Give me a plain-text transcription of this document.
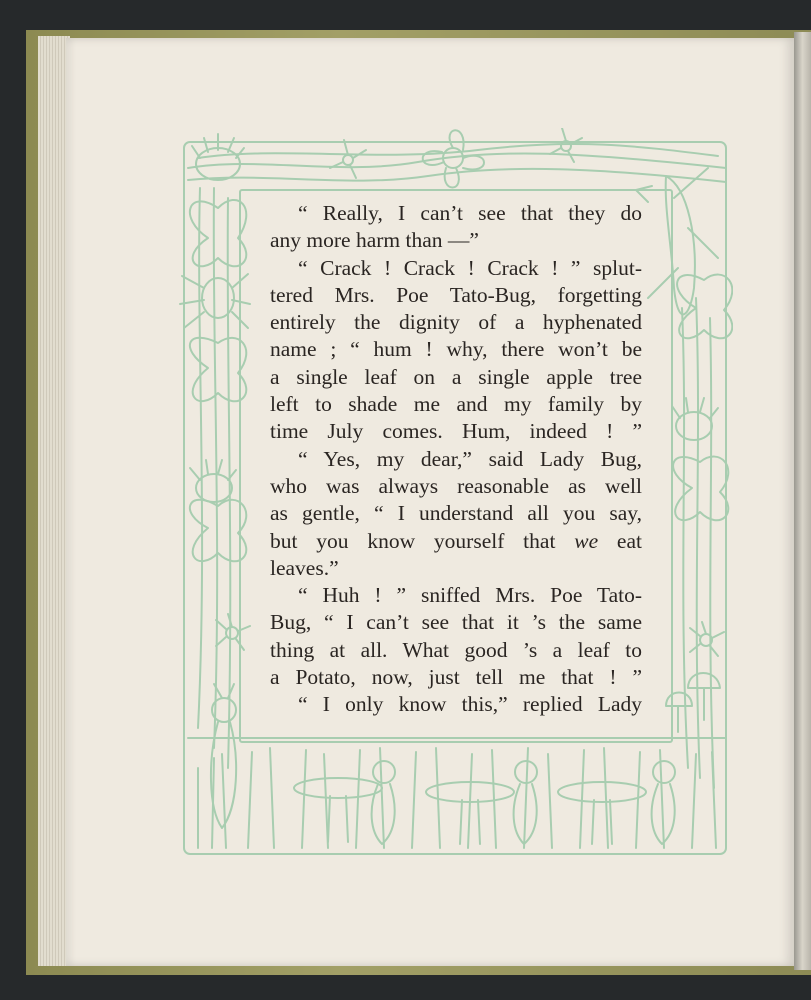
“ Really, I can’t see that they do
any more harm than —”

“ Crack ! Crack ! Crack ! ” splut-
tered Mrs. Poe Tato-Bug, forgetting
entirely the dignity of a hyphenated
name ; “ hum ! why, there won’t be
a single leaf on a single apple tree
left to shade me and my family by
time July comes. Hum, indeed ! ”

“ Yes, my dear,” said Lady Bug,
who was always reasonable as well
as gentle, “ I understand all you say,
but you know yourself that we eat
leaves.”

“ Huh ! ” sniffed Mrs. Poe Tato-
Bug, “ I can’t see that it ’s the same
thing at all. What good ’s a leaf to
a Potato, now, just tell me that ! ”

“ I only know this,” replied Lady
